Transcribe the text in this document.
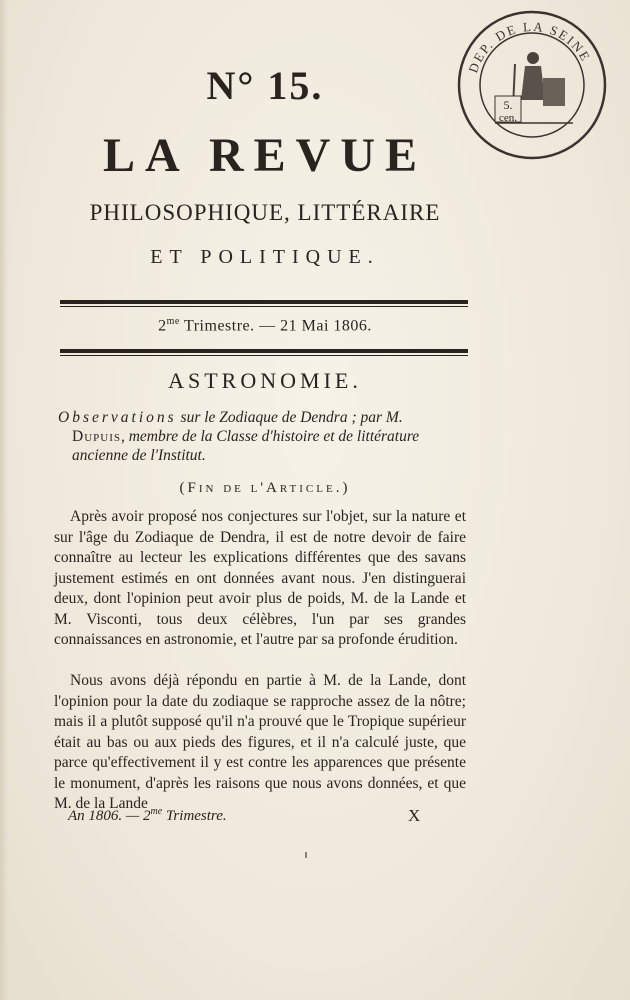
DEP. DE LA SEINE
5.
cen.
N° 15.
LA REVUE
PHILOSOPHIQUE, LITTÉRAIRE
ET POLITIQUE.
$2^{me}$ Trimestre. — 21 Mai 1806.
ASTRONOMIE.
Observations sur le Zodiaque de Dendra ; par M.
Dupuis, membre de la Classe d'histoire et de littérature
ancienne de l'Institut.
(Fin de l'Article.)

Après avoir proposé nos conjectures sur l'objet, sur la nature et sur l'âge du Zodiaque de Dendra, il est de notre devoir de faire connaître au lecteur les explications différentes que des savans justement estimés en ont données avant nous. J'en distinguerai deux, dont l'opinion peut avoir plus de poids, M. de la Lande et M. Visconti, tous deux célèbres, l'un par ses grandes connaissances en astronomie, et l'autre par sa profonde érudition.

Nous avons déjà répondu en partie à M. de la Lande, dont l'opinion pour la date du zodiaque se rapproche assez de la nôtre; mais il a plutôt supposé qu'il n'a prouvé que le Tropique supérieur était au bas ou aux pieds des figures, et il n'a calculé juste, que parce qu'effectivement il y est contre les apparences que présente le monument, d'après les raisons que nous avons données, et que M. de la Lande

An 1806. — $2^{me}$ Trimestre.	X
